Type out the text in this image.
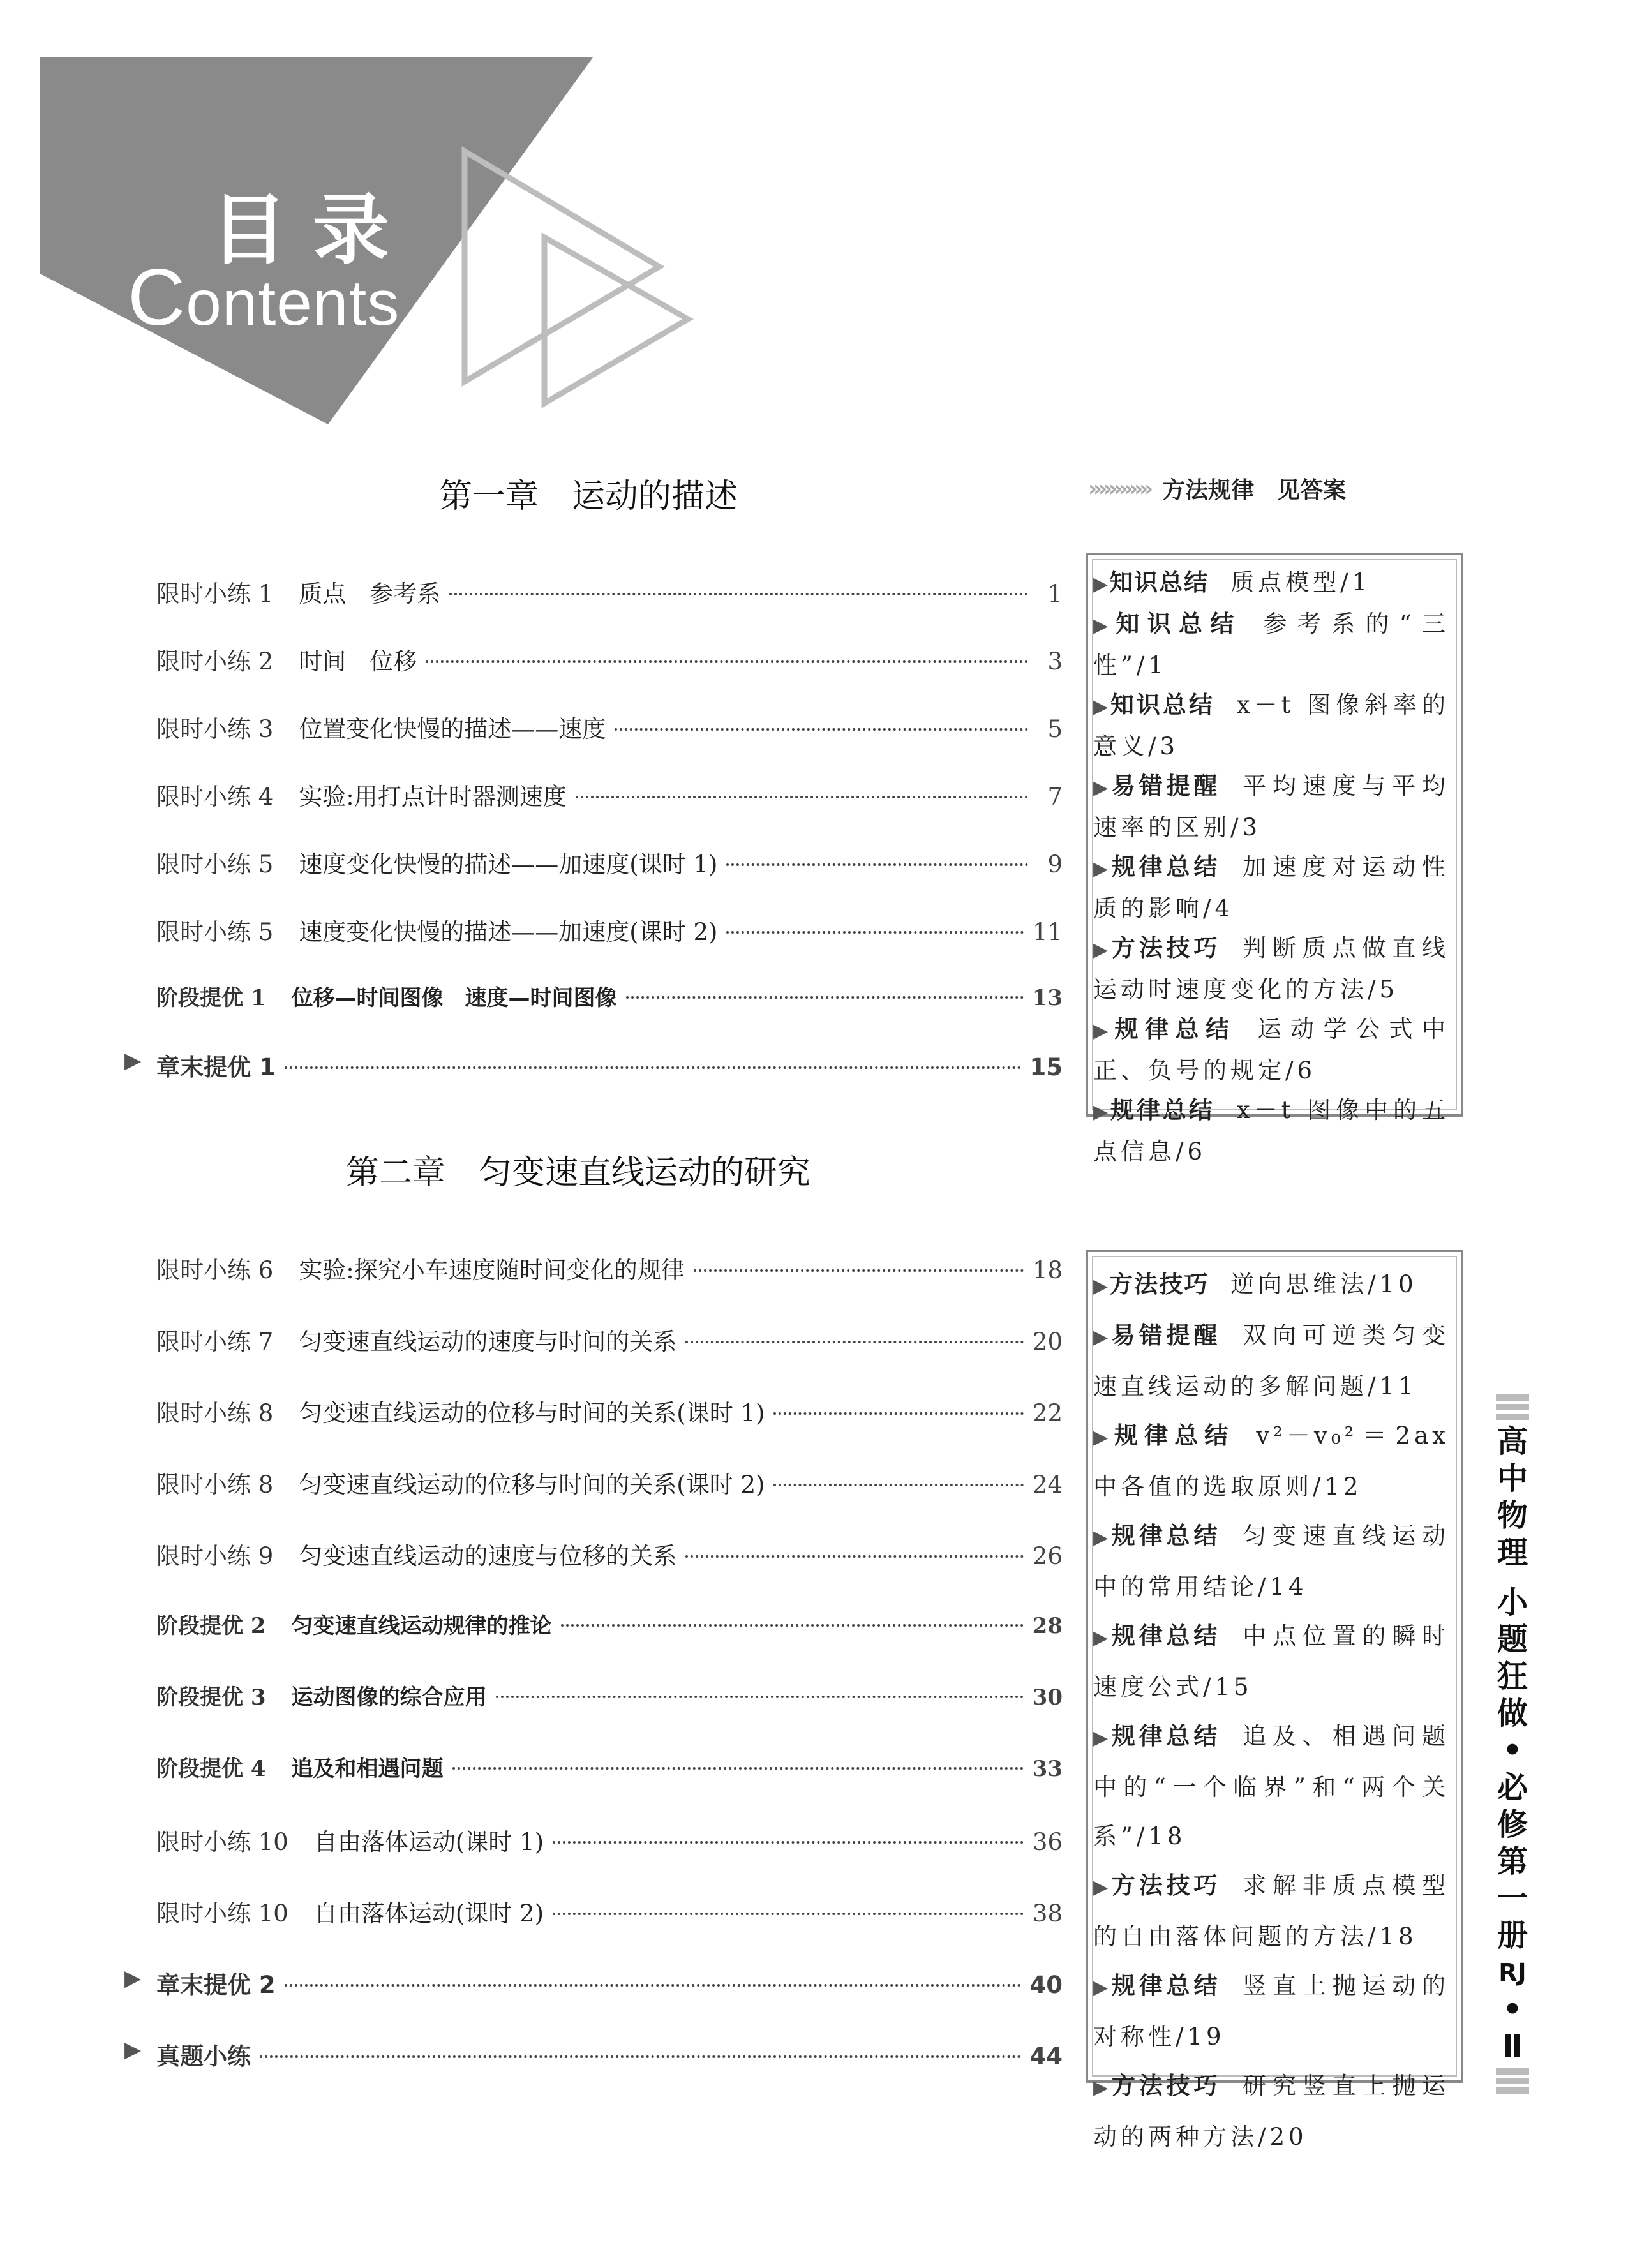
目录
Contents
›››››››››››› 方法规律　见答案
第一章　运动的描述
限时小练 1 质点　参考系	1
限时小练 2 时间　位移	3
限时小练 3 位置变化快慢的描述——速度	5
限时小练 4 实验:用打点计时器测速度	7
限时小练 5 速度变化快慢的描述——加速度(课时 1)	9
限时小练 5 速度变化快慢的描述——加速度(课时 2)	11
阶段提优 1 位移—时间图像　速度—时间图像	13
▶ 章末提优 1	15
▶知识总结 质点模型/1
▶知识总结 参考系的“三性”/1
▶知识总结 x－t 图像斜率的意义/3
▶易错提醒 平均速度与平均速率的区别/3
▶规律总结 加速度对运动性质的影响/4
▶方法技巧 判断质点做直线运动时速度变化的方法/5
▶规律总结 运动学公式中正、负号的规定/6
▶规律总结 x－t 图像中的五点信息/6
第二章　匀变速直线运动的研究
限时小练 6 实验:探究小车速度随时间变化的规律	18
限时小练 7 匀变速直线运动的速度与时间的关系	20
限时小练 8 匀变速直线运动的位移与时间的关系(课时 1)	22
限时小练 8 匀变速直线运动的位移与时间的关系(课时 2)	24
限时小练 9 匀变速直线运动的速度与位移的关系	26
阶段提优 2 匀变速直线运动规律的推论	28
阶段提优 3 运动图像的综合应用	30
阶段提优 4 追及和相遇问题	33
限时小练 10 自由落体运动(课时 1)	36
限时小练 10 自由落体运动(课时 2)	38
▶ 章末提优 2	40
▶ 真题小练	44
▶方法技巧 逆向思维法/10
▶易错提醒 双向可逆类匀变速直线运动的多解问题/11
▶规律总结 v²－v₀²＝2ax 中各值的选取原则/12
▶规律总结 匀变速直线运动中的常用结论/14
▶规律总结 中点位置的瞬时速度公式/15
▶规律总结 追及、相遇问题中的“一个临界”和“两个关系”/18
▶方法技巧 求解非质点模型的自由落体问题的方法/18
▶规律总结 竖直上抛运动的对称性/19
▶方法技巧 研究竖直上抛运动的两种方法/20
高
中
物
理
小
题
狂
做
•
必
修
第
一
册
RJ
•
Ⅱ
